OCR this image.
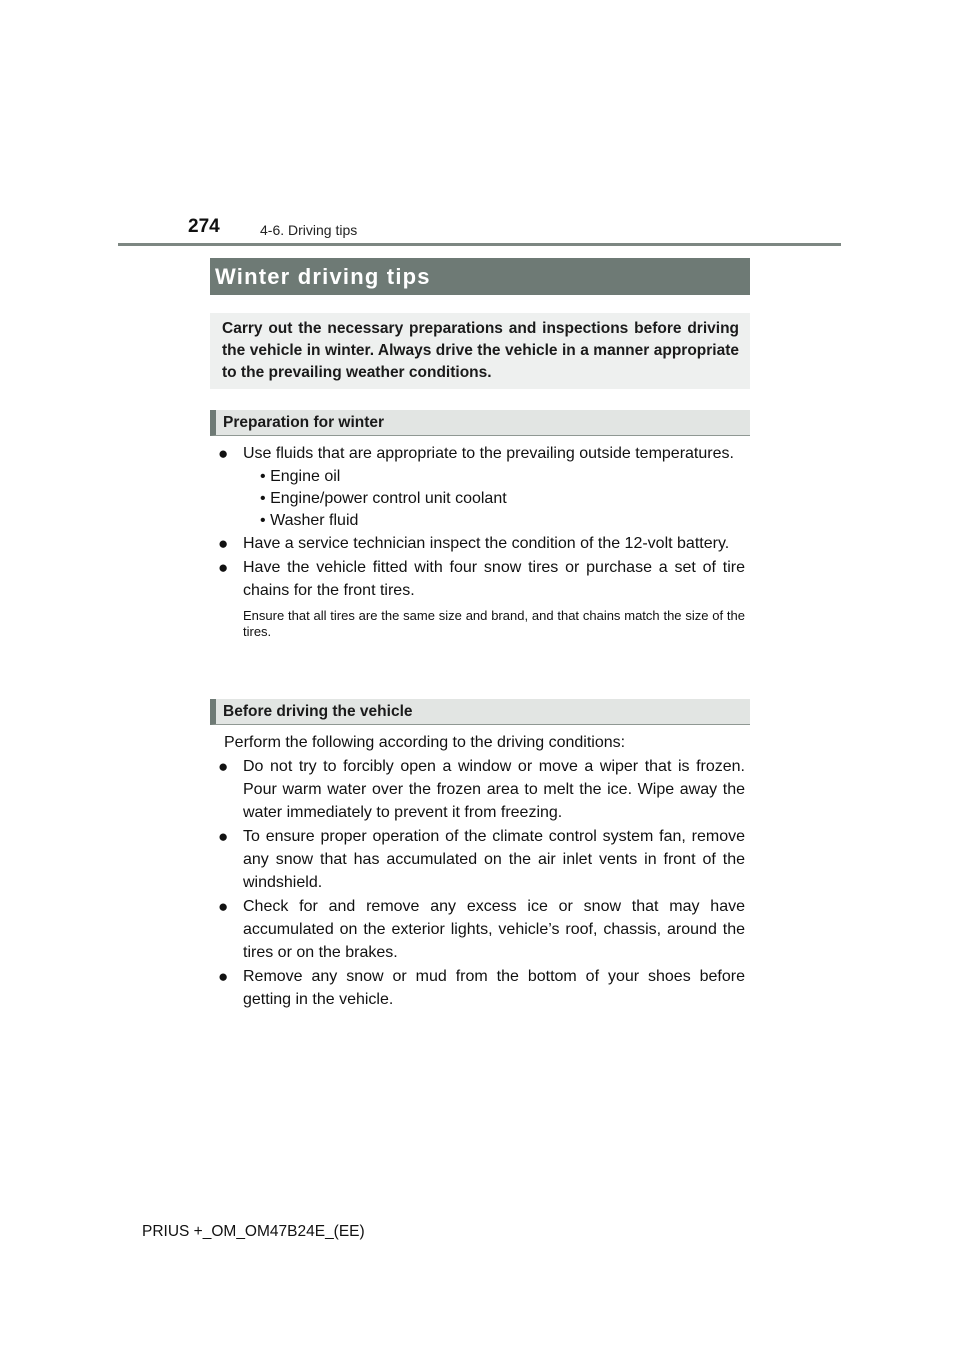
274	4-6. Driving tips
Winter driving tips

Carry out the necessary preparations and inspections before driving the vehicle in winter. Always drive the vehicle in a manner appropriate to the prevailing weather conditions.

Preparation for winter
● Use fluids that are appropriate to the prevailing outside temperatures.
• Engine oil
• Engine/power control unit coolant
• Washer fluid
● Have a service technician inspect the condition of the 12-volt battery.
● Have the vehicle fitted with four snow tires or purchase a set of tire chains for the front tires.
Ensure that all tires are the same size and brand, and that chains match the size of the tires.
Before driving the vehicle
Perform the following according to the driving conditions:
● Do not try to forcibly open a window or move a wiper that is frozen. Pour warm water over the frozen area to melt the ice. Wipe away the water immediately to prevent it from freezing.
● To ensure proper operation of the climate control system fan, remove any snow that has accumulated on the air inlet vents in front of the windshield.
● Check for and remove any excess ice or snow that may have accumulated on the exterior lights, vehicle’s roof, chassis, around the tires or on the brakes.
● Remove any snow or mud from the bottom of your shoes before getting in the vehicle.
PRIUS +_OM_OM47B24E_(EE)
